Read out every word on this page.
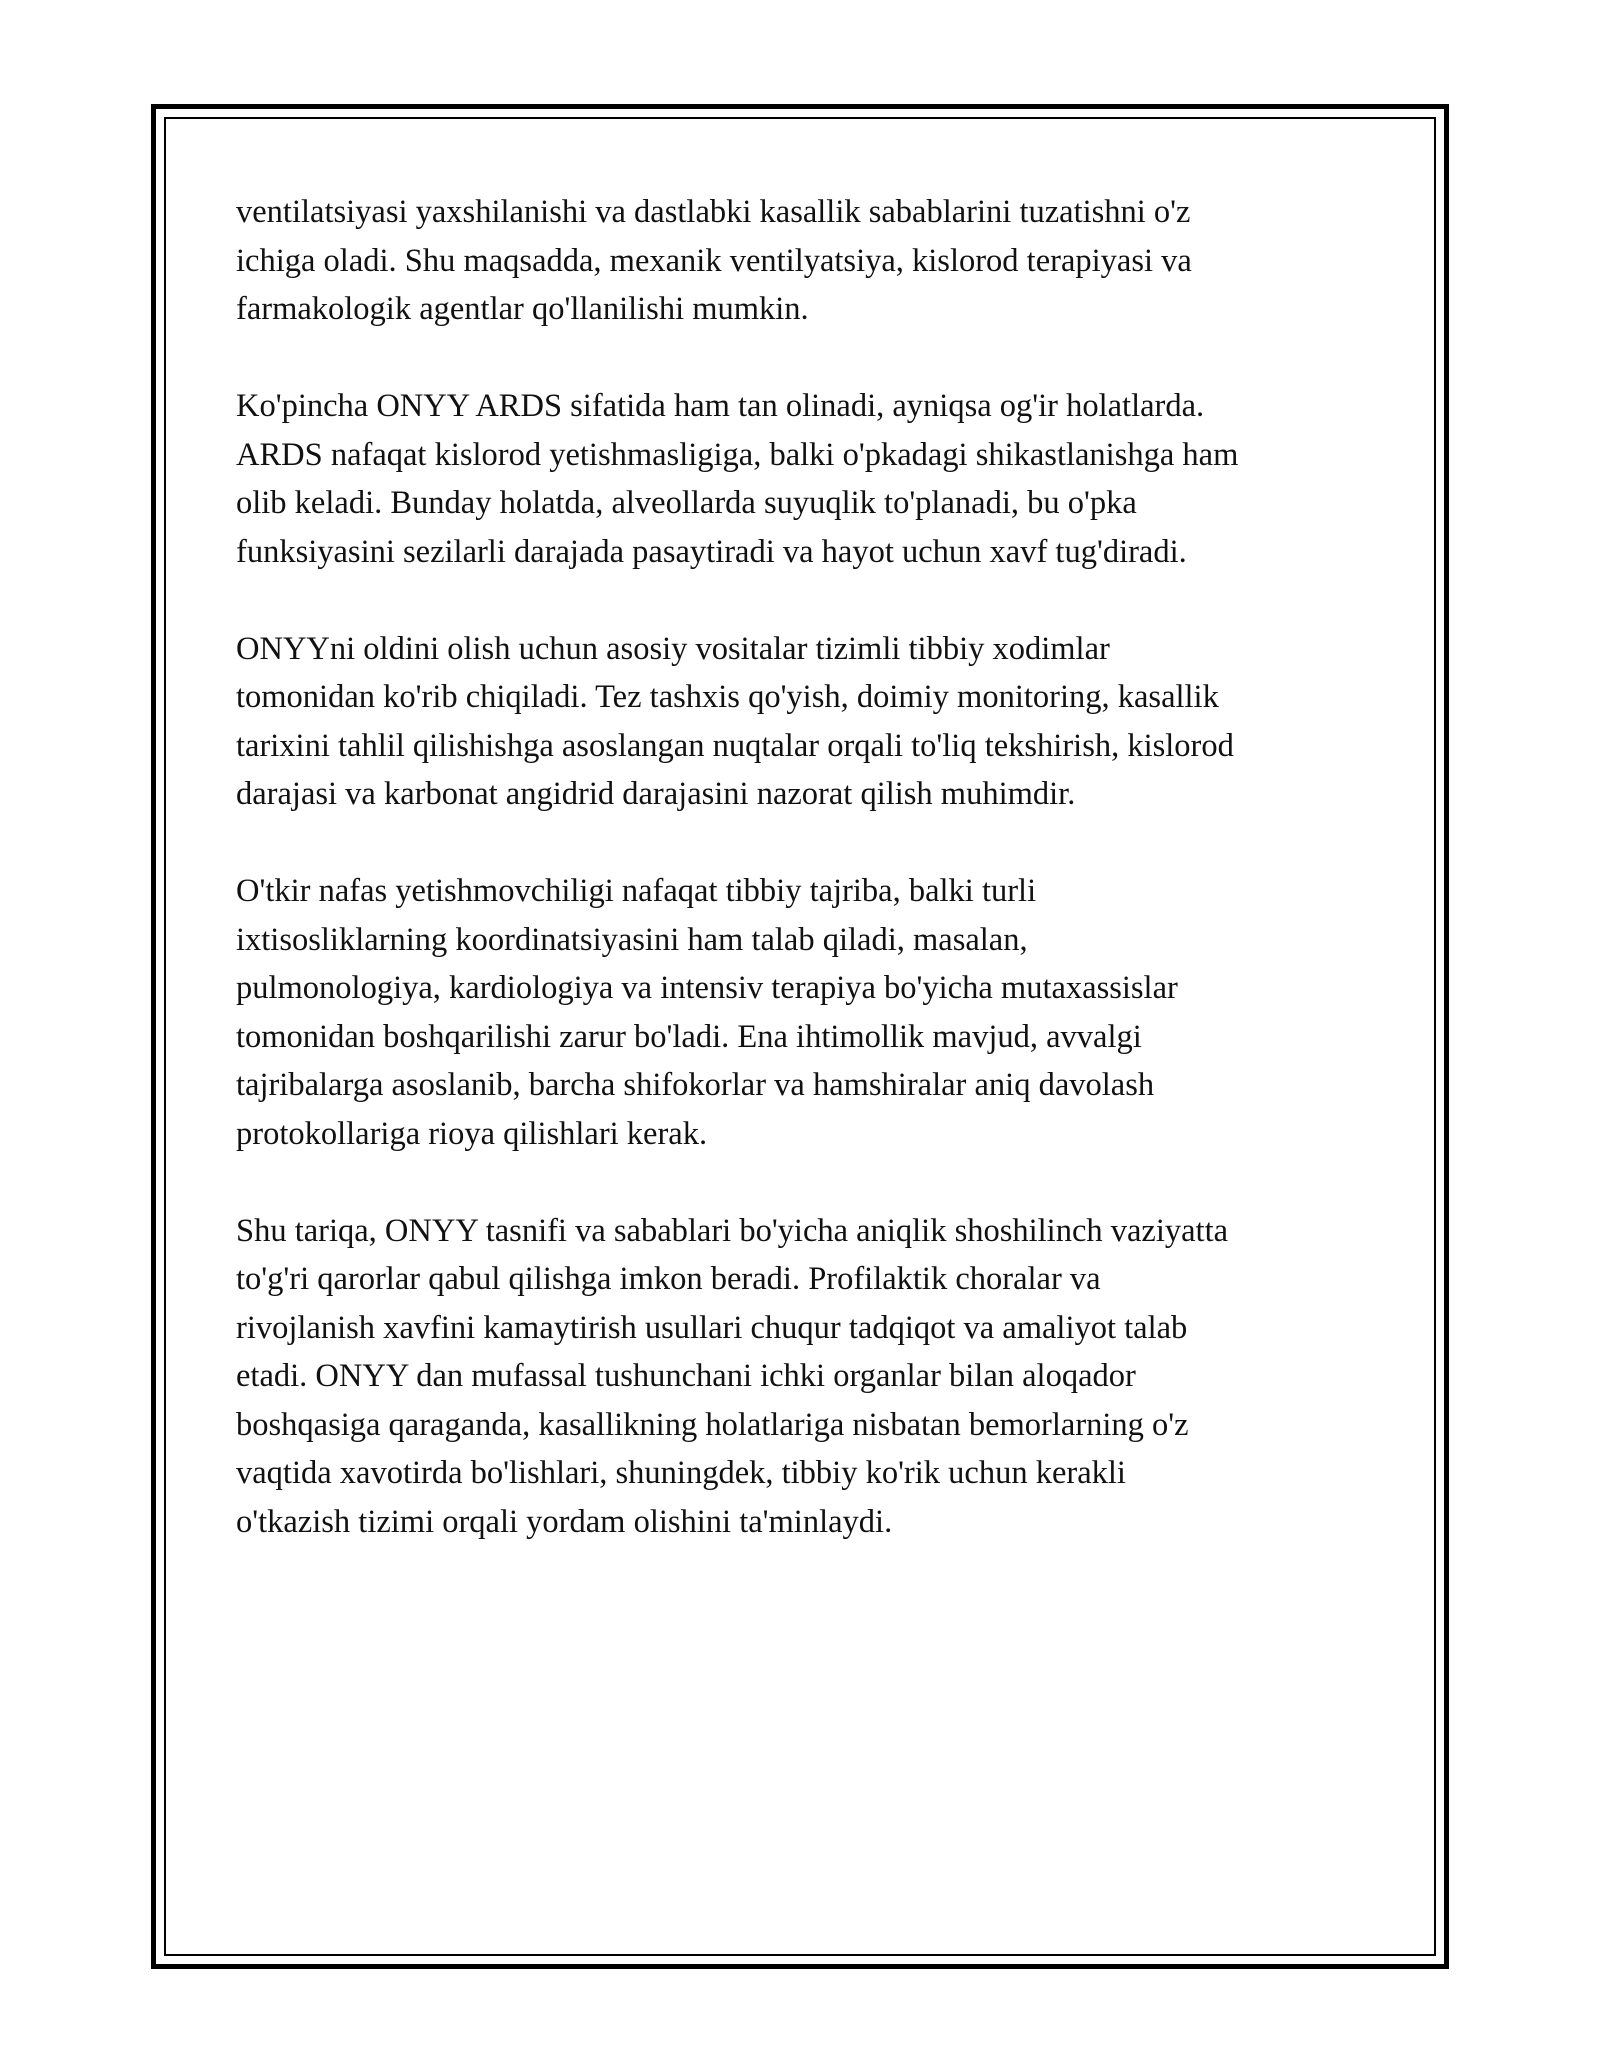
ventilatsiyasi yaxshilanishi va dastlabki kasallik sabablarini tuzatishni o'z
ichiga oladi. Shu maqsadda, mexanik ventilyatsiya, kislorod terapiyasi va
farmakologik agentlar qo'llanilishi mumkin.

Ko'pincha ONYY ARDS sifatida ham tan olinadi, ayniqsa og'ir holatlarda.
ARDS nafaqat kislorod yetishmasligiga, balki o'pkadagi shikastlanishga ham
olib keladi. Bunday holatda, alveollarda suyuqlik to'planadi, bu o'pka
funksiyasini sezilarli darajada pasaytiradi va hayot uchun xavf tug'diradi.

ONYYni oldini olish uchun asosiy vositalar tizimli tibbiy xodimlar
tomonidan ko'rib chiqiladi. Tez tashxis qo'yish, doimiy monitoring, kasallik
tarixini tahlil qilishishga asoslangan nuqtalar orqali to'liq tekshirish, kislorod
darajasi va karbonat angidrid darajasini nazorat qilish muhimdir.

O'tkir nafas yetishmovchiligi nafaqat tibbiy tajriba, balki turli
ixtisosliklarning koordinatsiyasini ham talab qiladi, masalan,
pulmonologiya, kardiologiya va intensiv terapiya bo'yicha mutaxassislar
tomonidan boshqarilishi zarur bo'ladi. Ena ihtimollik mavjud, avvalgi
tajribalarga asoslanib, barcha shifokorlar va hamshiralar aniq davolash
protokollariga rioya qilishlari kerak.

Shu tariqa, ONYY tasnifi va sabablari bo'yicha aniqlik shoshilinch vaziyatta
to'g'ri qarorlar qabul qilishga imkon beradi. Profilaktik choralar va
rivojlanish xavfini kamaytirish usullari chuqur tadqiqot va amaliyot talab
etadi. ONYY dan mufassal tushunchani ichki organlar bilan aloqador
boshqasiga qaraganda, kasallikning holatlariga nisbatan bemorlarning o'z
vaqtida xavotirda bo'lishlari, shuningdek, tibbiy ko'rik uchun kerakli
o'tkazish tizimi orqali yordam olishini ta'minlaydi.
